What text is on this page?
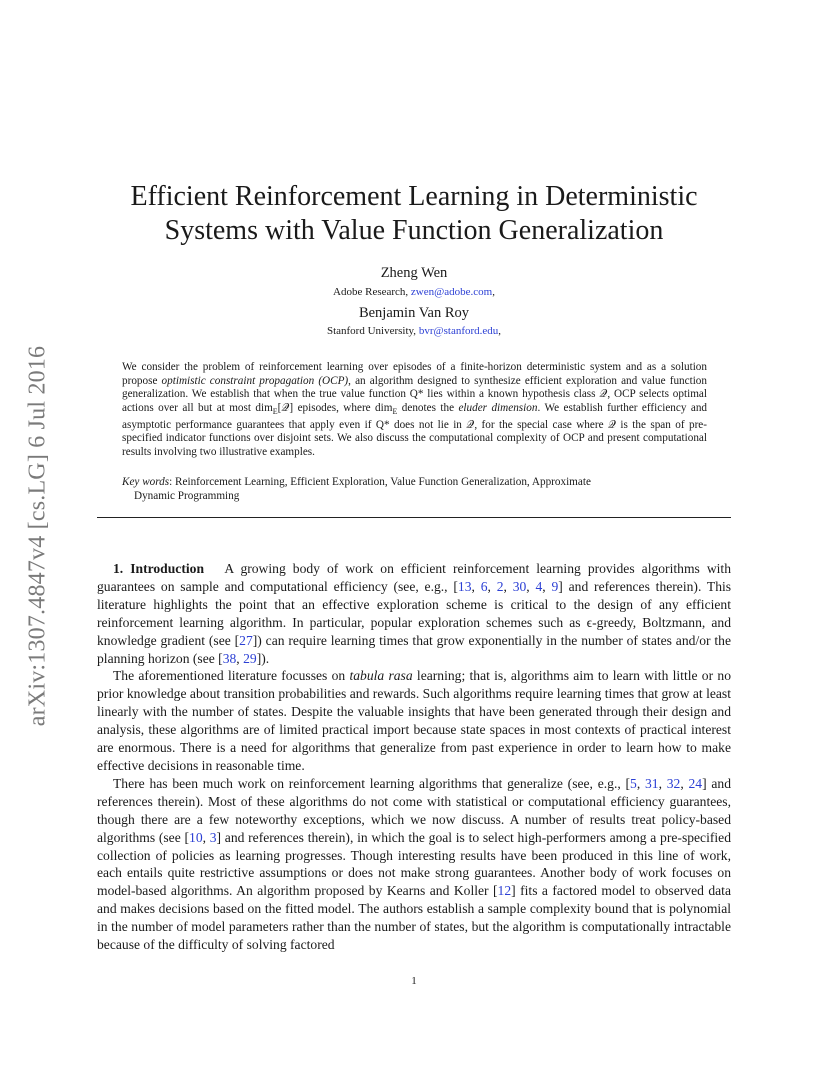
arXiv:1307.4847v4 [cs.LG] 6 Jul 2016
Efficient Reinforcement Learning in Deterministic
Systems with Value Function Generalization
Zheng Wen
Adobe Research, zwen@adobe.com,
Benjamin Van Roy
Stanford University, bvr@stanford.edu,
We consider the problem of reinforcement learning over episodes of a finite-horizon deterministic system and as a solution propose optimistic constraint propagation (OCP), an algorithm designed to synthesize efficient exploration and value function generalization. We establish that when the true value function Q* lies within a known hypothesis class 𝒬, OCP selects optimal actions over all but at most dim$_E$[𝒬] episodes, where dim$_E$ denotes the eluder dimension. We establish further efficiency and asymptotic performance guarantees that apply even if Q* does not lie in 𝒬, for the special case where 𝒬 is the span of pre-specified indicator functions over disjoint sets. We also discuss the computational complexity of OCP and present computational results involving two illustrative examples.
Key words: Reinforcement Learning, Efficient Exploration, Value Function Generalization, Approximate
Dynamic Programming

1. Introduction A growing body of work on efficient reinforcement learning provides algorithms with guarantees on sample and computational efficiency (see, e.g., [13, 6, 2, 30, 4, 9] and references therein). This literature highlights the point that an effective exploration scheme is critical to the design of any efficient reinforcement learning algorithm. In particular, popular exploration schemes such as ϵ-greedy, Boltzmann, and knowledge gradient (see [27]) can require learning times that grow exponentially in the number of states and/or the planning horizon (see [38, 29]).

The aforementioned literature focusses on tabula rasa learning; that is, algorithms aim to learn with little or no prior knowledge about transition probabilities and rewards. Such algorithms require learning times that grow at least linearly with the number of states. Despite the valuable insights that have been generated through their design and analysis, these algorithms are of limited practical import because state spaces in most contexts of practical interest are enormous. There is a need for algorithms that generalize from past experience in order to learn how to make effective decisions in reasonable time.

There has been much work on reinforcement learning algorithms that generalize (see, e.g., [5, 31, 32, 24] and references therein). Most of these algorithms do not come with statistical or computational efficiency guarantees, though there are a few noteworthy exceptions, which we now discuss. A number of results treat policy-based algorithms (see [10, 3] and references therein), in which the goal is to select high-performers among a pre-specified collection of policies as learning progresses. Though interesting results have been produced in this line of work, each entails quite restrictive assumptions or does not make strong guarantees. Another body of work focuses on model-based algorithms. An algorithm proposed by Kearns and Koller [12] fits a factored model to observed data and makes decisions based on the fitted model. The authors establish a sample complexity bound that is polynomial in the number of model parameters rather than the number of states, but the algorithm is computationally intractable because of the difficulty of solving factored

1
